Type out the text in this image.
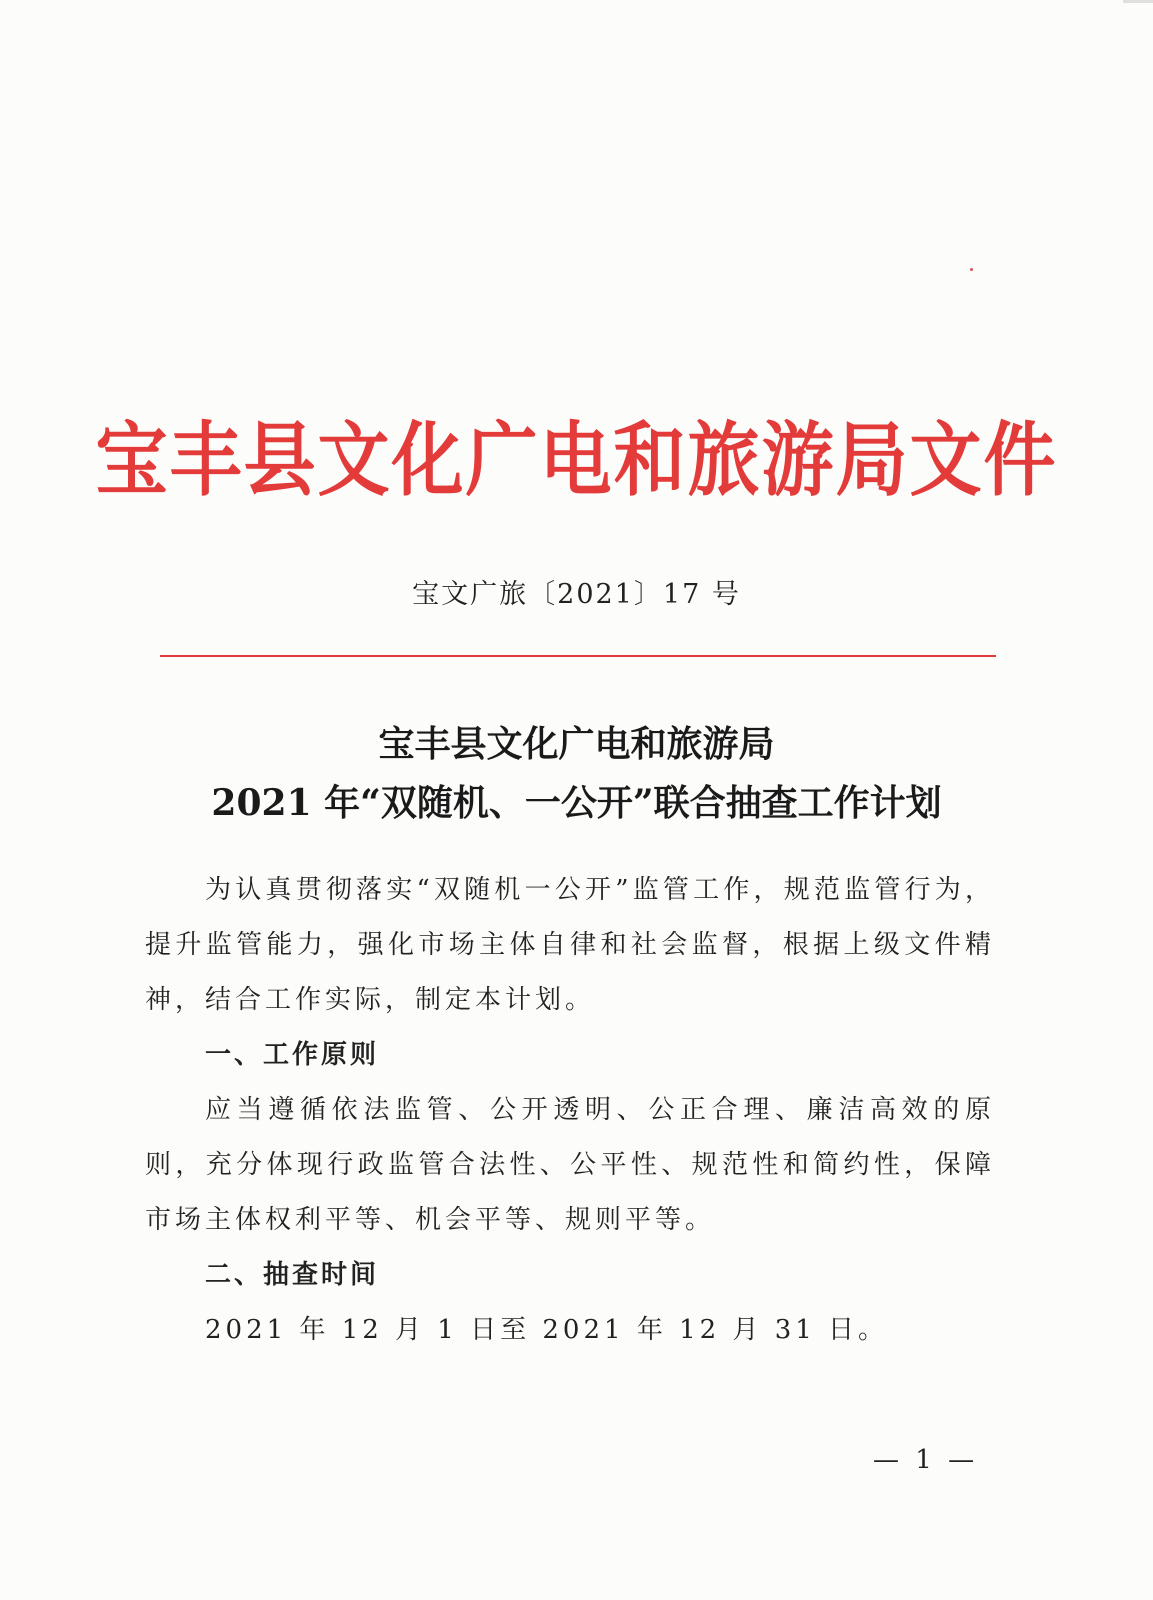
宝丰县文化广电和旅游局文件
宝文广旅〔2021〕17 号
宝丰县文化广电和旅游局
2021 年“双随机、一公开”联合抽查工作计划

为认真贯彻落实“双随机一公开”监管工作，规范监管行为，提升监管能力，强化市场主体自律和社会监督，根据上级文件精神，结合工作实际，制定本计划。

一、工作原则

应当遵循依法监管、公开透明、公正合理、廉洁高效的原则，充分体现行政监管合法性、公平性、规范性和简约性，保障市场主体权利平等、机会平等、规则平等。

二、抽查时间

2021 年 12 月 1 日至 2021 年 12 月 31 日。

— 1 —
